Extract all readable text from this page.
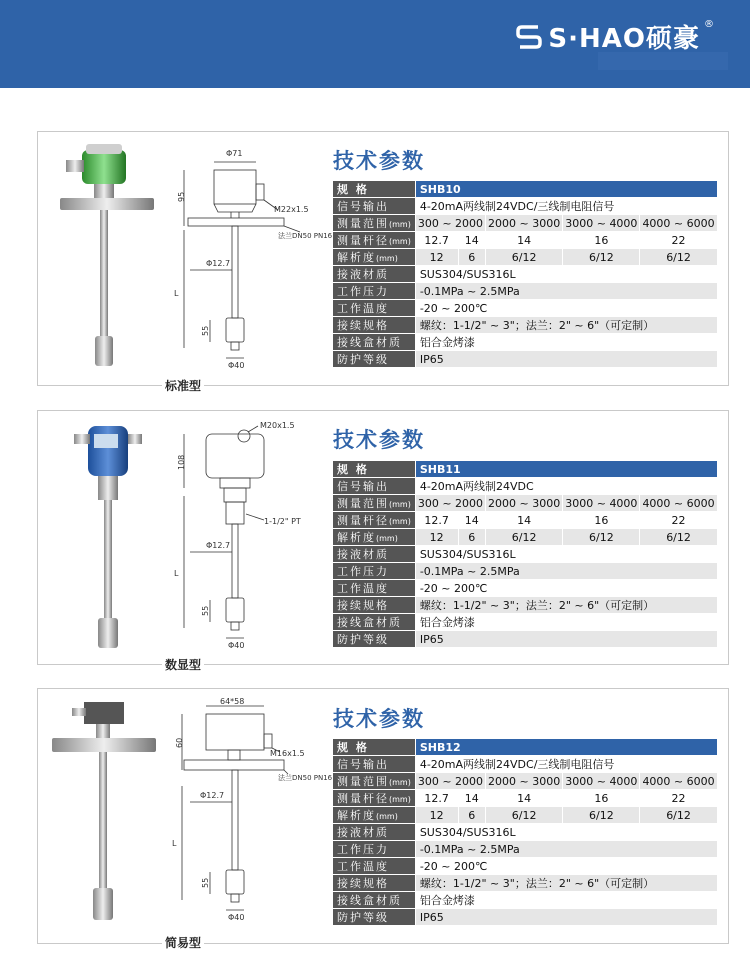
S·HAO硕豪 ®
标准型
技术参数
Φ71
95
M22x1.5
法兰DN50 PN16
Φ12.7
L
55
Φ40
规 格	SHB10				
信号输出	4-20mA两线制24VDC/三线制电阻信号				
测量范围(mm)	300 ~ 2000		2000 ~ 3000	3000 ~ 4000	4000 ~ 6000
测量杆径(mm)	12.7	14	14	16	22
解析度(mm)	12	6	6/12	6/12	6/12
接液材质	SUS304/SUS316L				
工作压力	-0.1MPa ~ 2.5MPa				
工作温度	-20 ~ 200℃				
接续规格	螺纹：1-1/2" ~ 3"；法兰：2" ~ 6"（可定制）				
接线盒材质	铝合金烤漆				
防护等级	IP65				
数显型
技术参数
M20x1.5
108
1-1/2" PT
Φ12.7
L
55
Φ40
规 格	SHB11				
信号输出	4-20mA两线制24VDC				
测量范围(mm)	300 ~ 2000		2000 ~ 3000	3000 ~ 4000	4000 ~ 6000
测量杆径(mm)	12.7	14	14	16	22
解析度(mm)	12	6	6/12	6/12	6/12
接液材质	SUS304/SUS316L				
工作压力	-0.1MPa ~ 2.5MPa				
工作温度	-20 ~ 200℃				
接续规格	螺纹：1-1/2" ~ 3"；法兰：2" ~ 6"（可定制）				
接线盒材质	铝合金烤漆				
防护等级	IP65				
简易型
技术参数
64*58
60
M16x1.5
法兰DN50 PN16
Φ12.7
L
55
Φ40
规 格	SHB12				
信号输出	4-20mA两线制24VDC/三线制电阻信号				
测量范围(mm)	300 ~ 2000		2000 ~ 3000	3000 ~ 4000	4000 ~ 6000
测量杆径(mm)	12.7	14	14	16	22
解析度(mm)	12	6	6/12	6/12	6/12
接液材质	SUS304/SUS316L				
工作压力	-0.1MPa ~ 2.5MPa				
工作温度	-20 ~ 200℃				
接续规格	螺纹：1-1/2" ~ 3"；法兰：2" ~ 6"（可定制）				
接线盒材质	铝合金烤漆				
防护等级	IP65				
